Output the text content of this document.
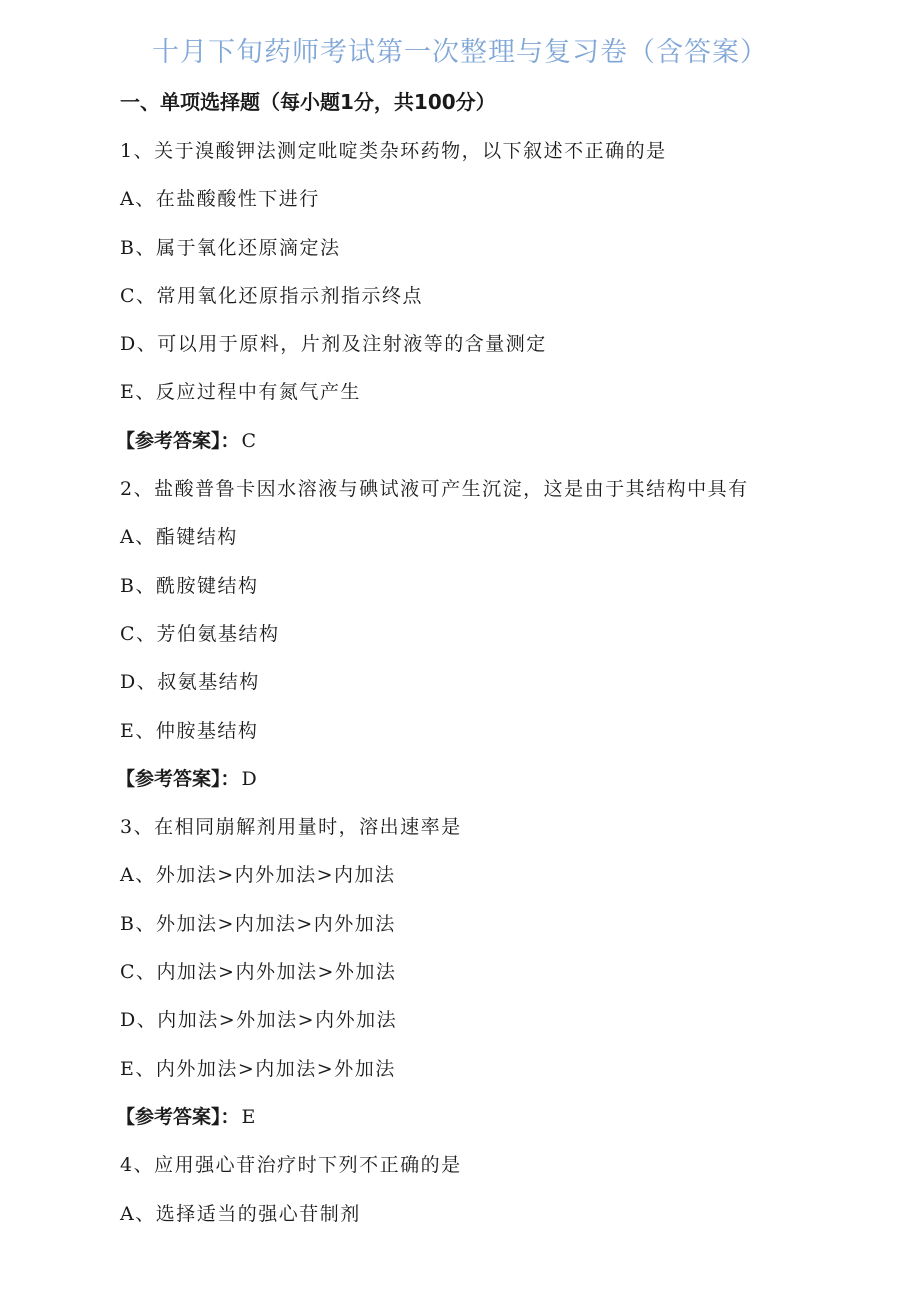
十月下旬药师考试第一次整理与复习卷（含答案）
一、单项选择题（每小题1分，共100分）
1、关于溴酸钾法测定吡啶类杂环药物，以下叙述不正确的是
A、在盐酸酸性下进行
B、属于氧化还原滴定法
C、常用氧化还原指示剂指示终点
D、可以用于原料，片剂及注射液等的含量测定
E、反应过程中有氮气产生
【参考答案】： C
2、盐酸普鲁卡因水溶液与碘试液可产生沉淀，这是由于其结构中具有
A、酯键结构
B、酰胺键结构
C、芳伯氨基结构
D、叔氨基结构
E、仲胺基结构
【参考答案】： D
3、在相同崩解剂用量时，溶出速率是
A、外加法>内外加法>内加法
B、外加法>内加法>内外加法
C、内加法>内外加法>外加法
D、内加法>外加法>内外加法
E、内外加法>内加法>外加法
【参考答案】： E
4、应用强心苷治疗时下列不正确的是
A、选择适当的强心苷制剂
